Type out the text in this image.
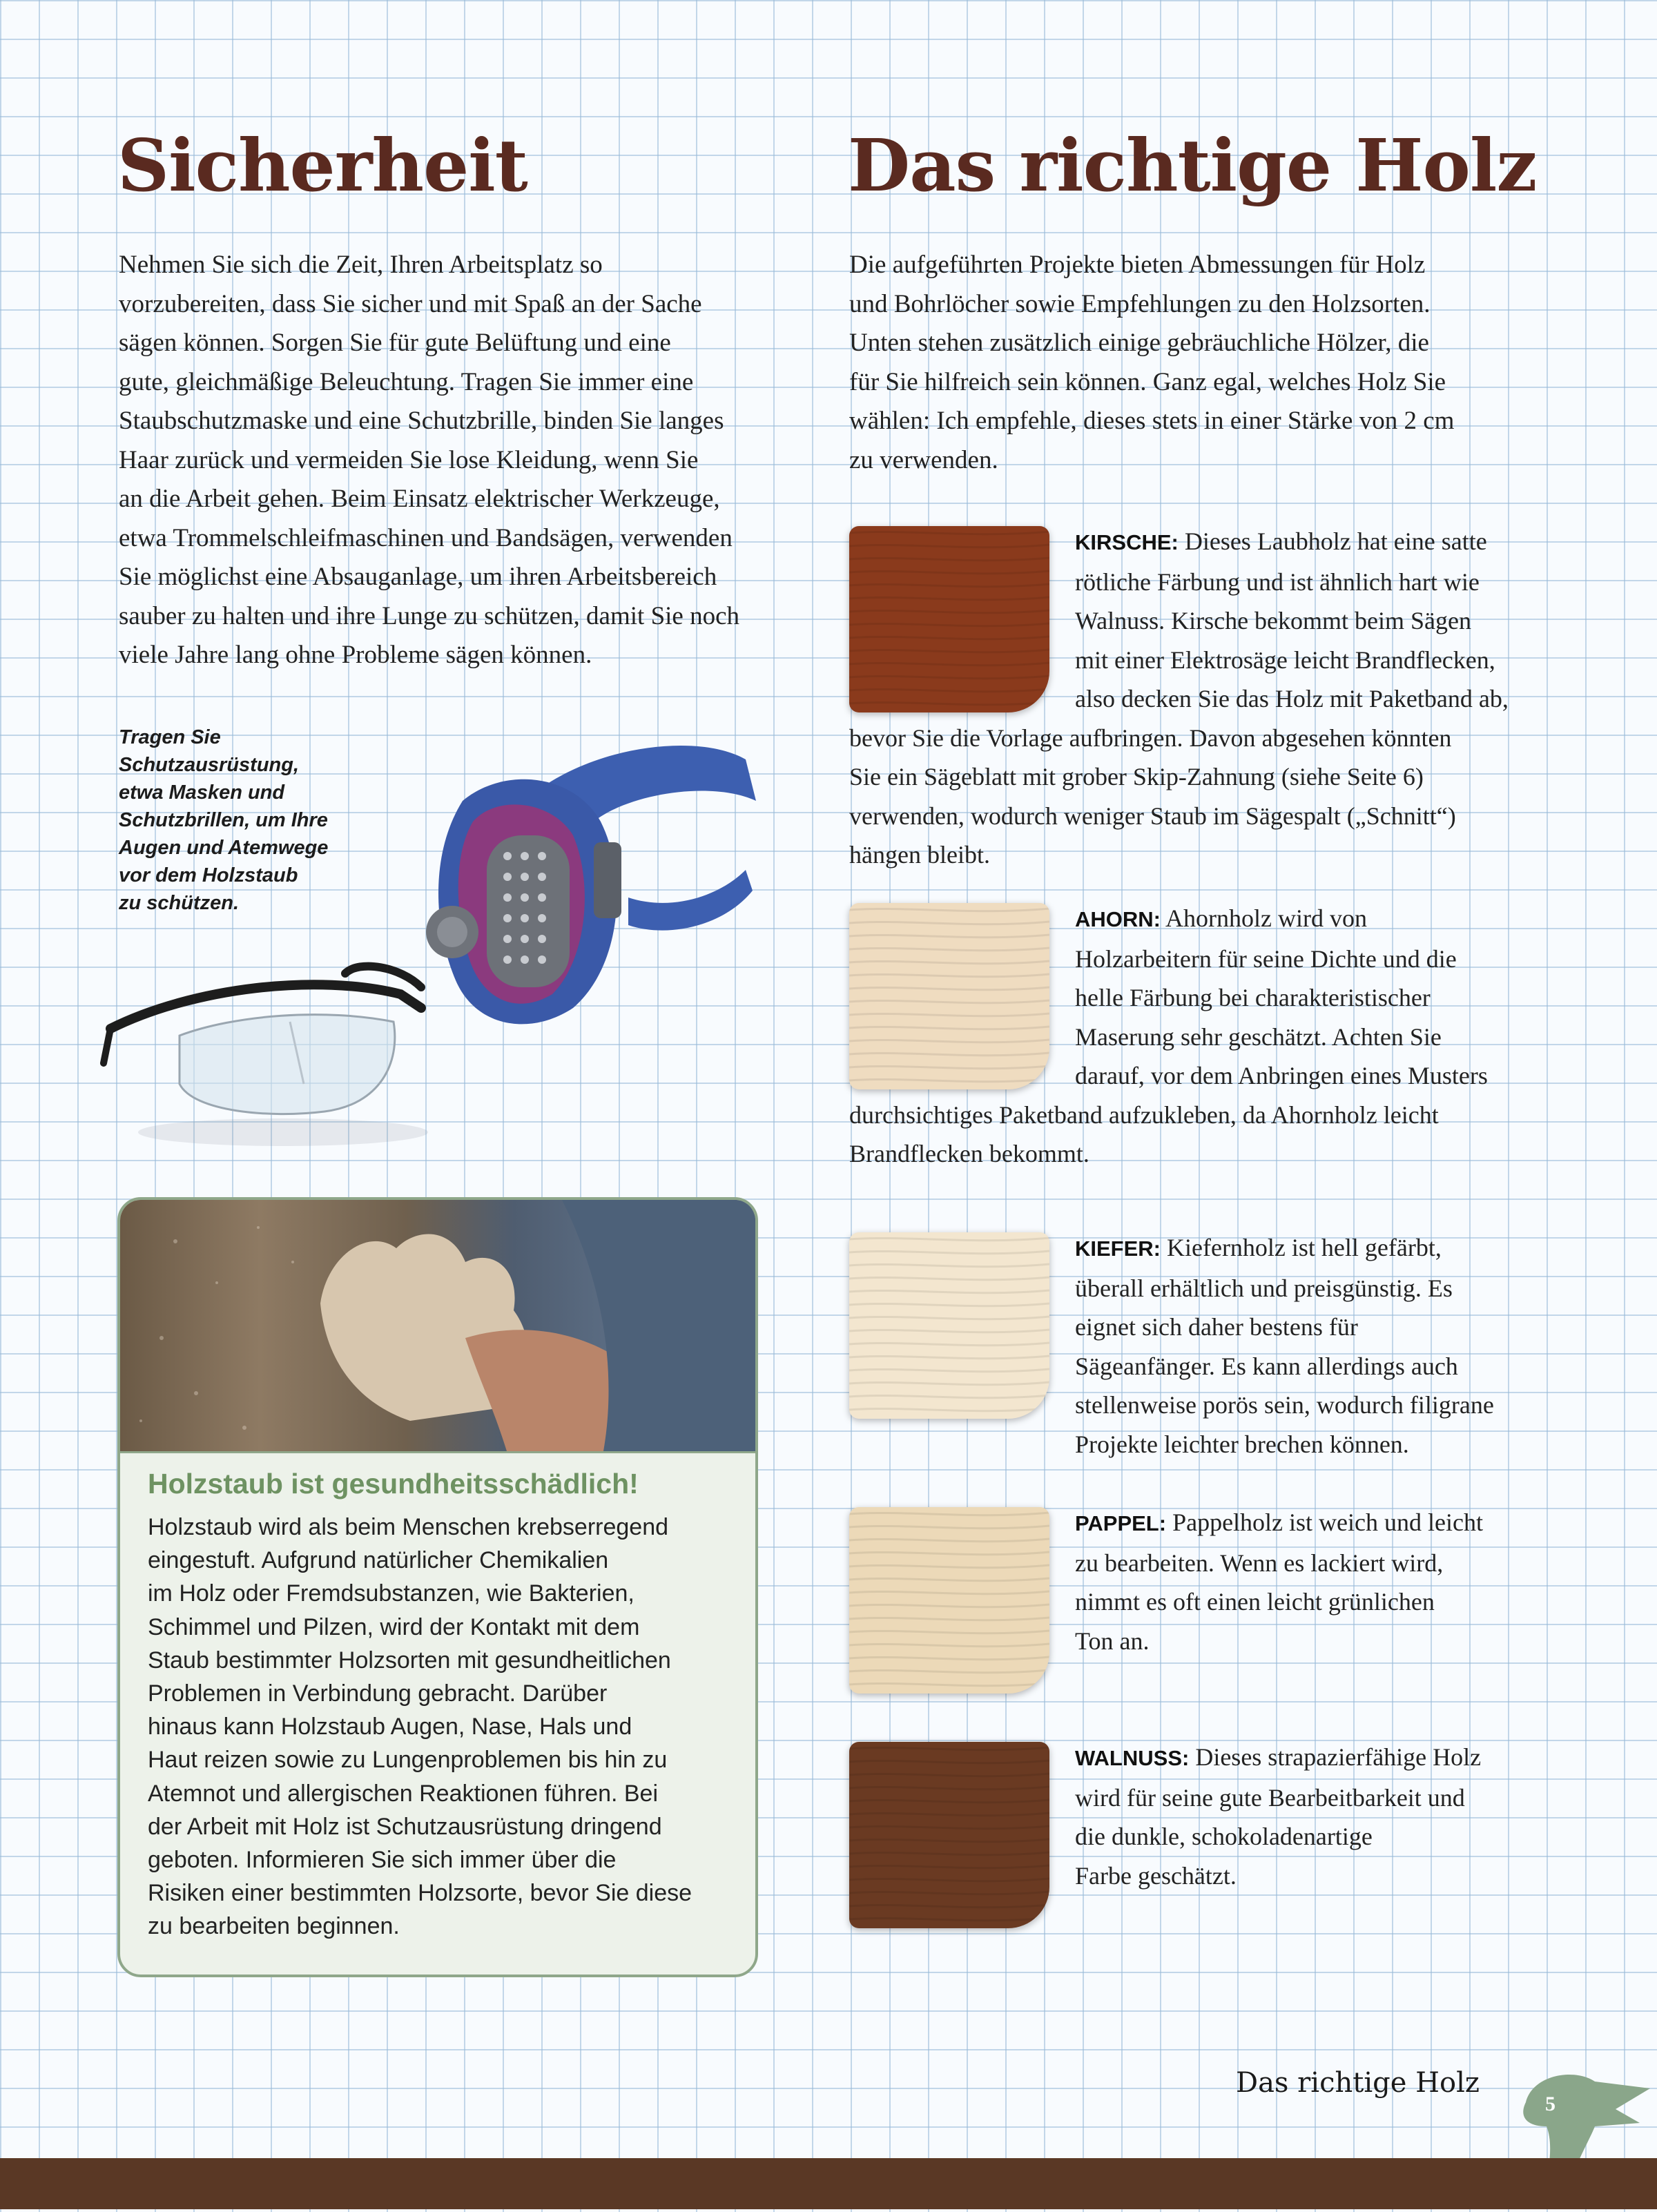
Sicherheit

Nehmen Sie sich die Zeit, Ihren Arbeitsplatz so
vorzubereiten, dass Sie sicher und mit Spaß an der Sache
sägen können. Sorgen Sie für gute Belüftung und eine
gute, gleichmäßige Beleuchtung. Tragen Sie immer eine
Staubschutzmaske und eine Schutzbrille, binden Sie langes
Haar zurück und vermeiden Sie lose Kleidung, wenn Sie
an die Arbeit gehen. Beim Einsatz elektrischer Werkzeuge,
etwa Trommelschleifmaschinen und Bandsägen, verwenden
Sie möglichst eine Absauganlage, um ihren Arbeitsbereich
sauber zu halten und ihre Lunge zu schützen, damit Sie noch
viele Jahre lang ohne Probleme sägen können.

Tragen Sie
Schutzausrüstung,
etwa Masken und
Schutzbrillen, um Ihre
Augen und Atemwege
vor dem Holzstaub
zu schützen.

Holzstaub ist gesundheitsschädlich!

Holzstaub wird als beim Menschen krebserregend
eingestuft. Aufgrund natürlicher Chemikalien
im Holz oder Fremdsubstanzen, wie Bakterien,
Schimmel und Pilzen, wird der Kontakt mit dem
Staub bestimmter Holzsorten mit gesundheitlichen
Problemen in Verbindung gebracht. Darüber
hinaus kann Holzstaub Augen, Nase, Hals und
Haut reizen sowie zu Lungenproblemen bis hin zu
Atemnot und allergischen Reaktionen führen. Bei
der Arbeit mit Holz ist Schutzausrüstung dringend
geboten. Informieren Sie sich immer über die
Risiken einer bestimmten Holzsorte, bevor Sie diese
zu bearbeiten beginnen.

Das richtige Holz

Die aufgeführten Projekte bieten Abmessungen für Holz
und Bohrlöcher sowie Empfehlungen zu den Holzsorten.
Unten stehen zusätzlich einige gebräuchliche Hölzer, die
für Sie hilfreich sein können. Ganz egal, welches Holz Sie
wählen: Ich empfehle, dieses stets in einer Stärke von 2 cm
zu verwenden.

KIRSCHE: Dieses Laubholz hat eine satte
rötliche Färbung und ist ähnlich hart wie
Walnuss. Kirsche bekommt beim Sägen
mit einer Elektrosäge leicht Brandflecken,
also decken Sie das Holz mit Paketband ab,
bevor Sie die Vorlage aufbringen. Davon abgesehen könnten
Sie ein Sägeblatt mit grober Skip-Zahnung (siehe Seite 6)
verwenden, wodurch weniger Staub im Sägespalt („Schnitt“)
hängen bleibt.

AHORN: Ahornholz wird von
Holzarbeitern für seine Dichte und die
helle Färbung bei charakteristischer
Maserung sehr geschätzt. Achten Sie
darauf, vor dem Anbringen eines Musters
durchsichtiges Paketband aufzukleben, da Ahornholz leicht
Brandflecken bekommt.

KIEFER: Kiefernholz ist hell gefärbt,
überall erhältlich und preisgünstig. Es
eignet sich daher bestens für
Sägeanfänger. Es kann allerdings auch
stellenweise porös sein, wodurch filigrane
Projekte leichter brechen können.

PAPPEL: Pappelholz ist weich und leicht
zu bearbeiten. Wenn es lackiert wird,
nimmt es oft einen leicht grünlichen
Ton an.

WALNUSS: Dieses strapazierfähige Holz
wird für seine gute Bearbeitbarkeit und
die dunkle, schokoladenartige
Farbe geschätzt.

Das richtige Holz

5
